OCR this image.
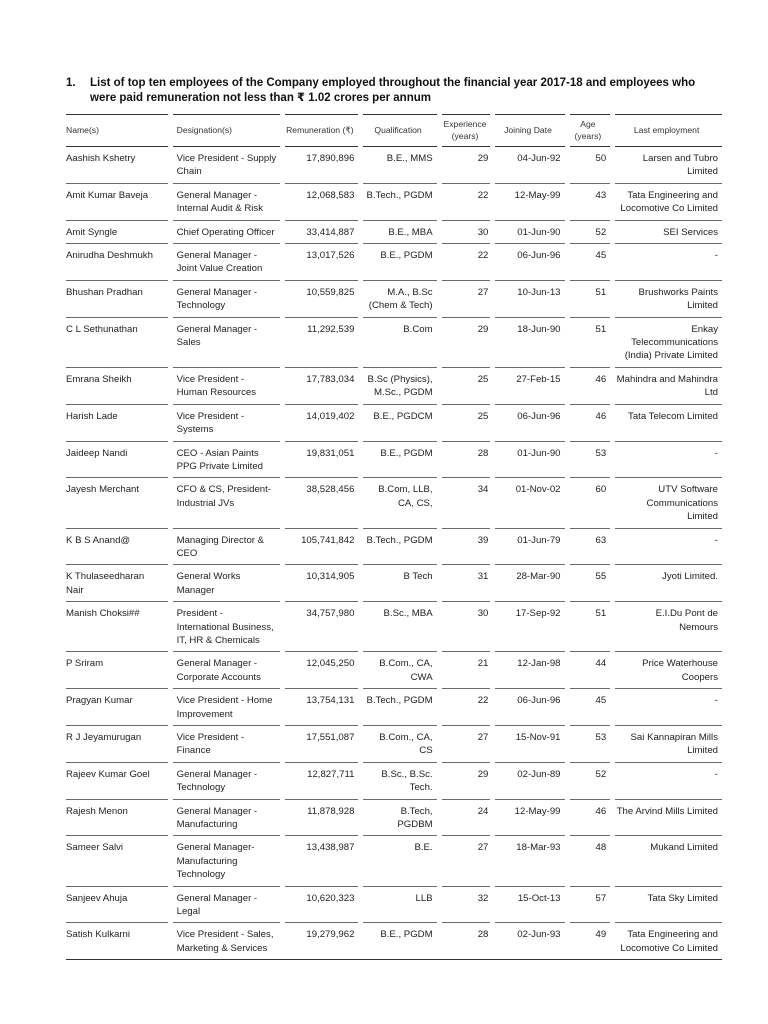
1. List of top ten employees of the Company employed throughout the financial year 2017-18 and employees who were paid remuneration not less than ₹ 1.02 crores per annum
Name(s)		Designation(s)		Remuneration (₹)		Qualification		Experience (years)		Joining Date		Age (years)		Last employment
Aashish Kshetry		Vice President - Supply Chain		17,890,896		B.E., MMS		29		04-Jun-92		50		Larsen and Tubro Limited
Amit Kumar Baveja		General Manager - Internal Audit & Risk		12,068,583		B.Tech., PGDM		22		12-May-99		43		Tata Engineering and Locomotive Co Limited
Amit Syngle		Chief Operating Officer		33,414,887		B.E., MBA		30		01-Jun-90		52		SEI Services
Anirudha Deshmukh		General Manager - Joint Value Creation		13,017,526		B.E., PGDM		22		06-Jun-96		45		-
Bhushan Pradhan		General Manager - Technology		10,559,825		M.A., B.Sc (Chem & Tech)		27		10-Jun-13		51		Brushworks Paints Limited
C L Sethunathan		General Manager - Sales		11,292,539		B.Com		29		18-Jun-90		51		Enkay Telecommunications (India) Private Limited
Emrana Sheikh		Vice President - Human Resources		17,783,034		B.Sc (Physics), M.Sc., PGDM		25		27-Feb-15		46		Mahindra and Mahindra Ltd
Harish Lade		Vice President - Systems		14,019,402		B.E., PGDCM		25		06-Jun-96		46		Tata Telecom Limited
Jaideep Nandi		CEO - Asian Paints PPG Private Limited		19,831,051		B.E., PGDM		28		01-Jun-90		53		-
Jayesh Merchant		CFO & CS, President-Industrial JVs		38,528,456		B.Com, LLB, CA, CS,		34		01-Nov-02		60		UTV Software Communications Limited
K B S Anand@		Managing Director & CEO		105,741,842		B.Tech., PGDM		39		01-Jun-79		63		-
K Thulaseedharan Nair		General Works Manager		10,314,905		B Tech		31		28-Mar-90		55		Jyoti Limited.
Manish Choksi##		President - International Business, IT, HR & Chemicals		34,757,980		B.Sc., MBA		30		17-Sep-92		51		E.I.Du Pont de Nemours
P Sriram		General Manager - Corporate Accounts		12,045,250		B.Com., CA, CWA		21		12-Jan-98		44		Price Waterhouse Coopers
Pragyan Kumar		Vice President - Home Improvement		13,754,131		B.Tech., PGDM		22		06-Jun-96		45		-
R J Jeyamurugan		Vice President - Finance		17,551,087		B.Com., CA, CS		27		15-Nov-91		53		Sai Kannapiran Mills Limited
Rajeev Kumar Goel		General Manager - Technology		12,827,711		B.Sc., B.Sc. Tech.		29		02-Jun-89		52		-
Rajesh Menon		General Manager - Manufacturing		11,878,928		B.Tech, PGDBM		24		12-May-99		46		The Arvind Mills Limited
Sameer Salvi		General Manager-Manufacturing Technology		13,438,987		B.E.		27		18-Mar-93		48		Mukand Limited
Sanjeev Ahuja		General Manager - Legal		10,620,323		LLB		32		15-Oct-13		57		Tata Sky Limited
Satish Kulkarni		Vice President - Sales, Marketing & Services		19,279,962		B.E., PGDM		28		02-Jun-93		49		Tata Engineering and Locomotive Co Limited
